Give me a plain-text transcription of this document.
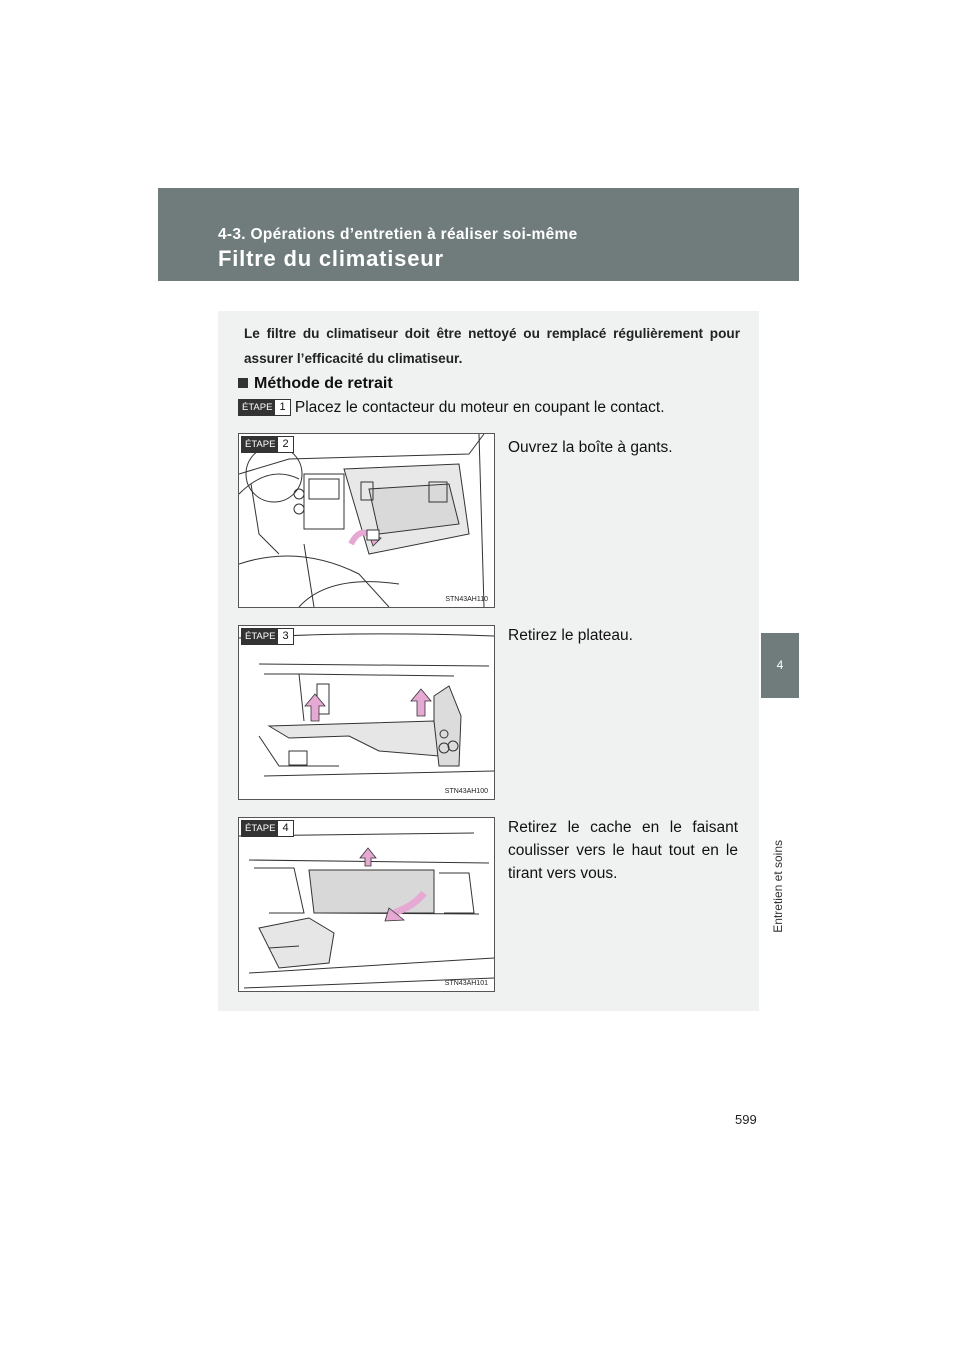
4-3. Opérations d’entretien à réaliser soi-même
Filtre du climatiseur
4
Entretien et soins
Le filtre du climatiseur doit être nettoyé ou remplacé régulièrement pour assurer l’efficacité du climatiseur.
Méthode de retrait
ÉTAPE 1 Placez le contacteur du moteur en coupant le contact.
ÉTAPE 2
STN43AH110
Ouvrez la boîte à gants.
ÉTAPE 3
STN43AH100
Retirez le plateau.
ÉTAPE 4
STN43AH101
Retirez le cache en le faisant coulisser vers le haut tout en le tirant vers vous.
599
